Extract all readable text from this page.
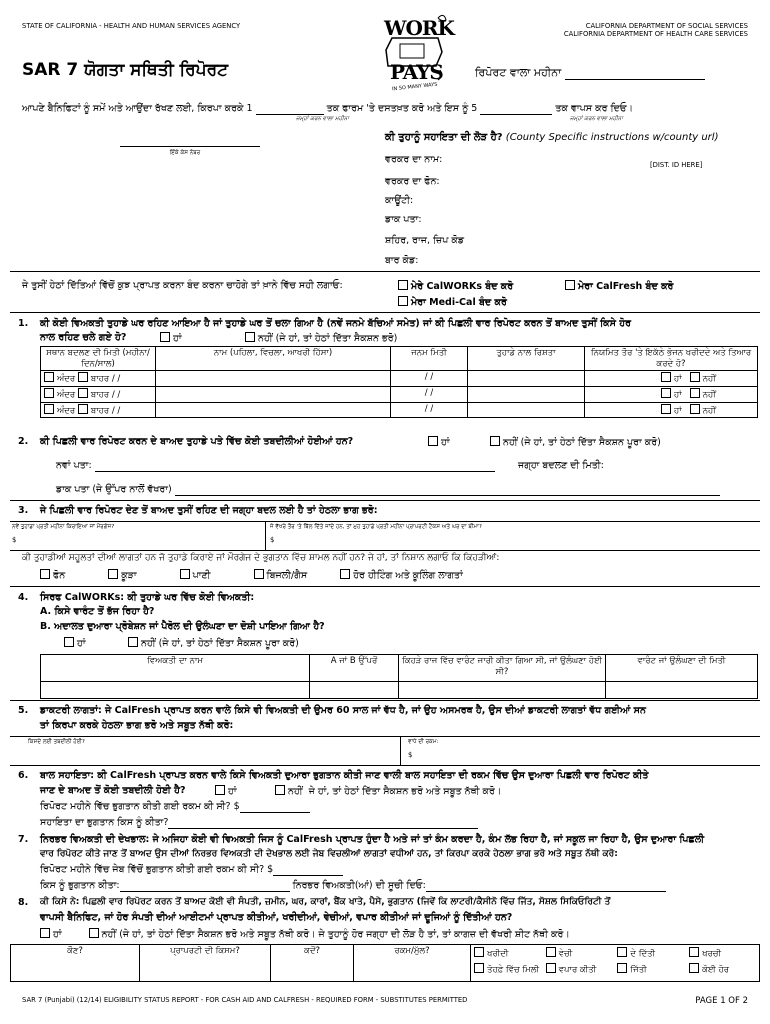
STATE OF CALIFORNIA - HEALTH AND HUMAN SERVICES AGENCY	CALIFORNIA DEPARTMENT OF SOCIAL SERVICES
CALIFORNIA DEPARTMENT OF HEALTH CARE SERVICES
WORK
PAYS
IN SO MANY WAYS
SAR 7 ਯੋਗਤਾ ਸਥਿਤੀ ਰਿਪੋਰਟ	ਰਿਪੋਰਟ ਵਾਲਾ ਮਹੀਨਾ
ਆਪਣੇ ਬੈਨਿਫਿਟਾਂ ਨੂੰ ਸਮੇਂ ਅਤੇ ਆਉਂਦਾ ਰੱਖਣ ਲਈ, ਕਿਰਪਾ ਕਰਕੇ 1	ਤਕ ਫਾਰਮ 'ਤੇ ਦਸਤਖ਼ਤ ਕਰੋ ਅਤੇ ਇਸ ਨੂੰ 5	ਤਕ ਵਾਪਸ ਕਰ ਦਿਓ।
ਜਮ੍ਹਾਂ ਕਰਨ ਵਾਲਾ ਮਹੀਨਾ	ਜਮ੍ਹਾਂ ਕਰਨ ਵਾਲਾ ਮਹੀਨਾ
ਇੰਕੇ ਕੇਸ ਨੰਬਰ
ਕੀ ਤੁਹਾਨੂੰ ਸਹਾਇਤਾ ਦੀ ਲੋੜ ਹੈ? (County Specific instructions w/county url)
ਵਰਕਰ ਦਾ ਨਾਮ:	[DIST. ID HERE]
ਵਰਕਰ ਦਾ ਫੋਨ:
ਕਾਊਂਟੀ:
ਡਾਕ ਪਤਾ:
ਸ਼ਹਿਰ, ਰਾਜ, ਜ਼ਿਪ ਕੋਡ
ਬਾਰ ਕੋਡ:
ਜੇ ਤੁਸੀਂ ਹੇਠਾਂ ਦਿੱਤਿਆਂ ਵਿੱਚੋਂ ਕੁਝ ਪ੍ਰਾਪਤ ਕਰਨਾ ਬੰਦ ਕਰਨਾ ਚਾਹੋਗੇ ਤਾਂ ਖ਼ਾਨੇ ਵਿੱਚ ਸਹੀ ਲਗਾਓ:	ਮੇਰੇ CalWORKs ਬੰਦ ਕਰੋ	ਮੇਰਾ CalFresh ਬੰਦ ਕਰੋ
ਮੇਰਾ Medi-Cal ਬੰਦ ਕਰੋ
1. ਕੀ ਕੋਈ ਵਿਅਕਤੀ ਤੁਹਾਡੇ ਘਰ ਰਹਿਣ ਆਇਆ ਹੈ ਜਾਂ ਤੁਹਾਡੇ ਘਰ ਤੋਂ ਚਲਾ ਗਿਆ ਹੈ (ਨਵੇਂ ਜਨਮੇ ਬੱਚਿਆਂ ਸਮੇਤ) ਜਾਂ ਕੀ ਪਿਛਲੀ ਵਾਰ ਰਿਪੋਰਟ ਕਰਨ ਤੋਂ ਬਾਅਦ ਤੁਸੀਂ ਕਿਸੇ ਹੋਰ
ਨਾਲ ਰਹਿਣ ਚਲੇ ਗਏ ਹੋ?	ਹਾਂ	ਨਹੀਂ (ਜੇ ਹਾਂ, ਤਾਂ ਹੇਠਾਂ ਦਿੱਤਾ ਸੈਕਸ਼ਨ ਭਰੋ)
ਸਥਾਨ ਬਦਲਣ ਦੀ ਮਿਤੀ (ਮਹੀਨਾ/ਦਿਨ/ਸਾਲ)	ਨਾਮ (ਪਹਿਲਾ, ਵਿਚਲਾ, ਆਖਰੀ ਹਿੱਸਾ)	ਜਨਮ ਮਿਤੀ	ਤੁਹਾਡੇ ਨਾਲ ਰਿਸ਼ਤਾ	ਨਿਯਮਿਤ ਤੌਰ 'ਤੇ ਇਕੱਠੇ ਭੋਜਨ ਖਰੀਦਦੇ ਅਤੇ ਤਿਆਰ ਕਰਦੇ ਹੋ?
ਅੰਦਰ ਬਾਹਰ / /		/ /		ਹਾਂ ਨਹੀਂ
ਅੰਦਰ ਬਾਹਰ / /		/ /		ਹਾਂ ਨਹੀਂ
ਅੰਦਰ ਬਾਹਰ / /		/ /		ਹਾਂ ਨਹੀਂ
2. ਕੀ ਪਿਛਲੀ ਵਾਰ ਰਿਪੋਰਟ ਕਰਨ ਦੇ ਬਾਅਦ ਤੁਹਾਡੇ ਪਤੇ ਵਿੱਚ ਕੋਈ ਤਬਦੀਲੀਆਂ ਹੋਈਆਂ ਹਨ?	ਹਾਂ	ਨਹੀਂ (ਜੇ ਹਾਂ, ਤਾਂ ਹੇਠਾਂ ਦਿੱਤਾ ਸੈਕਸ਼ਨ ਪੂਰਾ ਕਰੋ)
ਨਵਾਂ ਪਤਾ:	ਜਗ੍ਹਾ ਬਦਲਣ ਦੀ ਮਿਤੀ:
ਡਾਕ ਪਤਾ (ਜੇ ਉੱਪਰ ਨਾਲੋਂ ਵੱਖਰਾ)
3. ਜੇ ਪਿਛਲੀ ਵਾਰ ਰਿਪੋਰਟ ਦੇਣ ਤੋਂ ਬਾਅਦ ਤੁਸੀਂ ਰਹਿਣ ਦੀ ਜਗ੍ਹਾ ਬਦਲ ਲਈ ਹੈ ਤਾਂ ਹੇਠਲਾ ਭਾਗ ਭਰੋ:
ਨਵੇਂ ਤੁਹਾਡਾ ਪ੍ਰਤੀ ਮਹੀਨਾ ਕਿਰਾਇਆ ਜਾਂ ਮੌਰਗੇਜ?
$
ਜੇ ਵੱਖਰੇ ਤੌਰ 'ਤੇ ਬਿੱਲ ਦਿੱਤੇ ਜਾਂਦੇ ਹਨ, ਤਾਂ ਮੁਹ ਤੁਹਾਡੇ ਪ੍ਰਤੀ ਮਹੀਨਾ ਪ੍ਰਾਪਰਟੀ ਟੈਕਸ ਅਤੇ ਘਰ ਦਾ ਬੀਮਾ?
$
ਕੀ ਤੁਹਾਡੀਆਂ ਸਹੂਲਤਾਂ ਦੀਆਂ ਲਾਗਤਾਂ ਹਨ ਜੋ ਤੁਹਾਡੇ ਕਿਰਾਏ ਜਾਂ ਮੌਰਗੇਜ ਦੇ ਭੁਗਤਾਨ ਵਿੱਚ ਸ਼ਾਮਲ ਨਹੀਂ ਹਨ? ਜੇ ਹਾਂ, ਤਾਂ ਨਿਸ਼ਾਨ ਲਗਾਓ ਕਿ ਕਿਹੜੀਆਂ:
ਫੋਨ	ਕੂੜਾ	ਪਾਣੀ	ਬਿਜਲੀ/ਗੈਸ	ਹੋਰ ਹੀਟਿੰਗ ਅਤੇ ਕੂਲਿੰਗ ਲਾਗਤਾਂ
4. ਸਿਰਫ CalWORKs: ਕੀ ਤੁਹਾਡੇ ਘਰ ਵਿੱਚ ਕੋਈ ਵਿਅਕਤੀ:
A. ਕਿਸੇ ਵਾਰੰਟ ਤੋਂ ਭੱਜ ਰਿਹਾ ਹੈ?
B. ਅਦਾਲਤ ਦੁਆਰਾ ਪ੍ਰੋਬੇਸ਼ਨ ਜਾਂ ਪੈਰੋਲ ਦੀ ਉਲੰਘਣਾ ਦਾ ਦੋਸ਼ੀ ਪਾਇਆ ਗਿਆ ਹੈ?
ਹਾਂ	ਨਹੀਂ (ਜੇ ਹਾਂ, ਤਾਂ ਹੇਠਾਂ ਦਿੱਤਾ ਸੈਕਸ਼ਨ ਪੂਰਾ ਕਰੋ)
ਵਿਅਕਤੀ ਦਾ ਨਾਮ	A ਜਾਂ B ਉੱਪਰੋਂ	ਕਿਹੜੇ ਰਾਜ ਵਿੱਚ ਵਾਰੰਟ ਜਾਰੀ ਕੀਤਾ ਗਿਆ ਸੀ, ਜਾਂ ਉਲੰਘਣਾ ਹੋਈ ਸੀ?	ਵਾਰੰਟ ਜਾਂ ਉਲੰਘਣਾ ਦੀ ਮਿਤੀ

5. ਡਾਕਟਰੀ ਲਾਗਤਾਂ: ਜੇ CalFresh ਪ੍ਰਾਪਤ ਕਰਨ ਵਾਲੇ ਕਿਸੇ ਵੀ ਵਿਅਕਤੀ ਦੀ ਉਮਰ 60 ਸਾਲ ਜਾਂ ਵੱਧ ਹੈ, ਜਾਂ ਉਹ ਅਸਮਰਥ ਹੈ, ਉਸ ਦੀਆਂ ਡਾਕਟਰੀ ਲਾਗਤਾਂ ਵੱਧ ਗਈਆਂ ਸਨ
ਤਾਂ ਕਿਰਪਾ ਕਰਕੇ ਹੇਠਲਾ ਭਾਗ ਭਰੋ ਅਤੇ ਸਬੂਤ ਨੱਥੀ ਕਰੋ:
ਕਿਸਦੇ ਲਈ ਤਬਦੀਲੀ ਹੋਈ?	ਵਾਧੇ ਦੀ ਰਕਮ:
$
6. ਬਾਲ ਸਹਾਇਤਾ: ਕੀ CalFresh ਪ੍ਰਾਪਤ ਕਰਨ ਵਾਲੇ ਕਿਸੇ ਵਿਅਕਤੀ ਦੁਆਰਾ ਭੁਗਤਾਨ ਕੀਤੀ ਜਾਣ ਵਾਲੀ ਬਾਲ ਸਹਾਇਤਾ ਦੀ ਰਕਮ ਵਿੱਚ ਉਸ ਦੁਆਰਾ ਪਿਛਲੀ ਵਾਰ ਰਿਪੋਰਟ ਕੀਤੇ
ਜਾਣ ਦੇ ਬਾਅਦ ਤੋਂ ਕੋਈ ਤਬਦੀਲੀ ਹੋਈ ਹੈ?	ਹਾਂ	ਨਹੀਂ ਜੇ ਹਾਂ, ਤਾਂ ਹੇਠਾਂ ਦਿੱਤਾ ਸੈਕਸ਼ਨ ਭਰੋ ਅਤੇ ਸਬੂਤ ਨੱਥੀ ਕਰੋ।
ਰਿਪੋਰਟ ਮਹੀਨੇ ਵਿੱਚ ਭੁਗਤਾਨ ਕੀਤੀ ਗਈ ਰਕਮ ਕੀ ਸੀ? $
ਸਹਾਇਤਾ ਦਾ ਭੁਗਤਾਨ ਕਿਸ ਨੂੰ ਕੀਤਾ?
7. ਨਿਰਭਰ ਵਿਅਕਤੀ ਦੀ ਦੇਖਭਾਲ: ਜੇ ਅਜਿਹਾ ਕੋਈ ਵੀ ਵਿਅਕਤੀ ਜਿਸ ਨੂੰ CalFresh ਪ੍ਰਾਪਤ ਹੁੰਦਾ ਹੈ ਅਤੇ ਜਾਂ ਤਾਂ ਕੰਮ ਕਰਦਾ ਹੈ, ਕੰਮ ਲੱਭ ਰਿਹਾ ਹੈ, ਜਾਂ ਸਕੂਲ ਜਾ ਰਿਹਾ ਹੈ, ਉਸ ਦੁਆਰਾ ਪਿਛਲੀ
ਵਾਰ ਰਿਪੋਰਟ ਕੀਤੇ ਜਾਣ ਤੋਂ ਬਾਅਦ ਉਸ ਦੀਆਂ ਨਿਰਭਰ ਵਿਅਕਤੀ ਦੀ ਦੇਖਭਾਲ ਲਈ ਜੇਬ ਵਿਚਲੀਆਂ ਲਾਗਤਾਂ ਵਧੀਆਂ ਹਨ, ਤਾਂ ਕਿਰਪਾ ਕਰਕੇ ਹੇਠਲਾ ਭਾਗ ਭਰੋ ਅਤੇ ਸਬੂਤ ਨੱਥੀ ਕਰੋ:
ਰਿਪੋਰਟ ਮਹੀਨੇ ਵਿੱਚ ਜੇਬ ਵਿੱਚੋਂ ਭੁਗਤਾਨ ਕੀਤੀ ਗਈ ਰਕਮ ਕੀ ਸੀ? $
ਕਿਸ ਨੂੰ ਭੁਗਤਾਨ ਕੀਤਾ:	ਨਿਰਭਰ ਵਿਅਕਤੀ(ਆਂ) ਦੀ ਸੂਚੀ ਦਿਓ:
8. ਕੀ ਕਿਸੇ ਨੇ: ਪਿਛਲੀ ਵਾਰ ਰਿਪੋਰਟ ਕਰਨ ਤੋਂ ਬਾਅਦ ਕੋਈ ਵੀ ਸੰਪਤੀ, ਜ਼ਮੀਨ, ਘਰ, ਕਾਰਾਂ, ਬੈਂਕ ਖਾਤੇ, ਪੈਸੇ, ਭੁਗਤਾਨ (ਜਿਵੇਂ ਕਿ ਲਾਟਰੀ/ਕੈਸੀਨੋ ਵਿੱਚ ਜਿੱਤ, ਸੋਸ਼ਲ ਸਿਕਿਓਰਿਟੀ ਤੋਂ
ਵਾਪਸੀ ਬੈਨਿਫਿਟ, ਜਾਂ ਹੋਰ ਸੰਪਤੀ ਦੀਆਂ ਆਈਟਮਾਂ ਪ੍ਰਾਪਤ ਕੀਤੀਆਂ, ਖਰੀਦੀਆਂ, ਵੇਚੀਆਂ, ਵਪਾਰ ਕੀਤੀਆਂ ਜਾਂ ਦੂਜਿਆਂ ਨੂੰ ਦਿੱਤੀਆਂ ਹਨ?
ਹਾਂ	ਨਹੀਂ (ਜੇ ਹਾਂ, ਤਾਂ ਹੇਠਾਂ ਦਿੱਤਾ ਸੈਕਸ਼ਨ ਭਰੋ ਅਤੇ ਸਬੂਤ ਨੱਥੀ ਕਰੋ। ਜੇ ਤੁਹਾਨੂੰ ਹੋਰ ਜਗ੍ਹਾ ਦੀ ਲੋੜ ਹੈ ਤਾਂ, ਤਾਂ ਕਾਗਜ਼ ਦੀ ਵੱਖਰੀ ਸ਼ੀਟ ਨੱਥੀ ਕਰੋ।
ਕੌਣ?	ਪ੍ਰਾਪਰਟੀ ਦੀ ਕਿਸਮ?	ਕਦੋਂ?	ਰਕਮ/ਮੁੱਲ?	ਖਰੀਦੀ	ਵੇਚੀ	ਦੇ ਦਿੱਤੀ	ਖਰਚੀ
ਤੋਹਫ਼ੇ ਵਿੱਚ ਮਿਲੀ ਵਪਾਰ ਕੀਤੀ	ਜਿੱਤੀ	ਕੋਈ ਹੋਰ
SAR 7 (Punjabi) (12/14) ELIGIBILITY STATUS REPORT - FOR CASH AID AND CALFRESH - REQUIRED FORM - SUBSTITUTES PERMITTED	PAGE 1 OF 2
